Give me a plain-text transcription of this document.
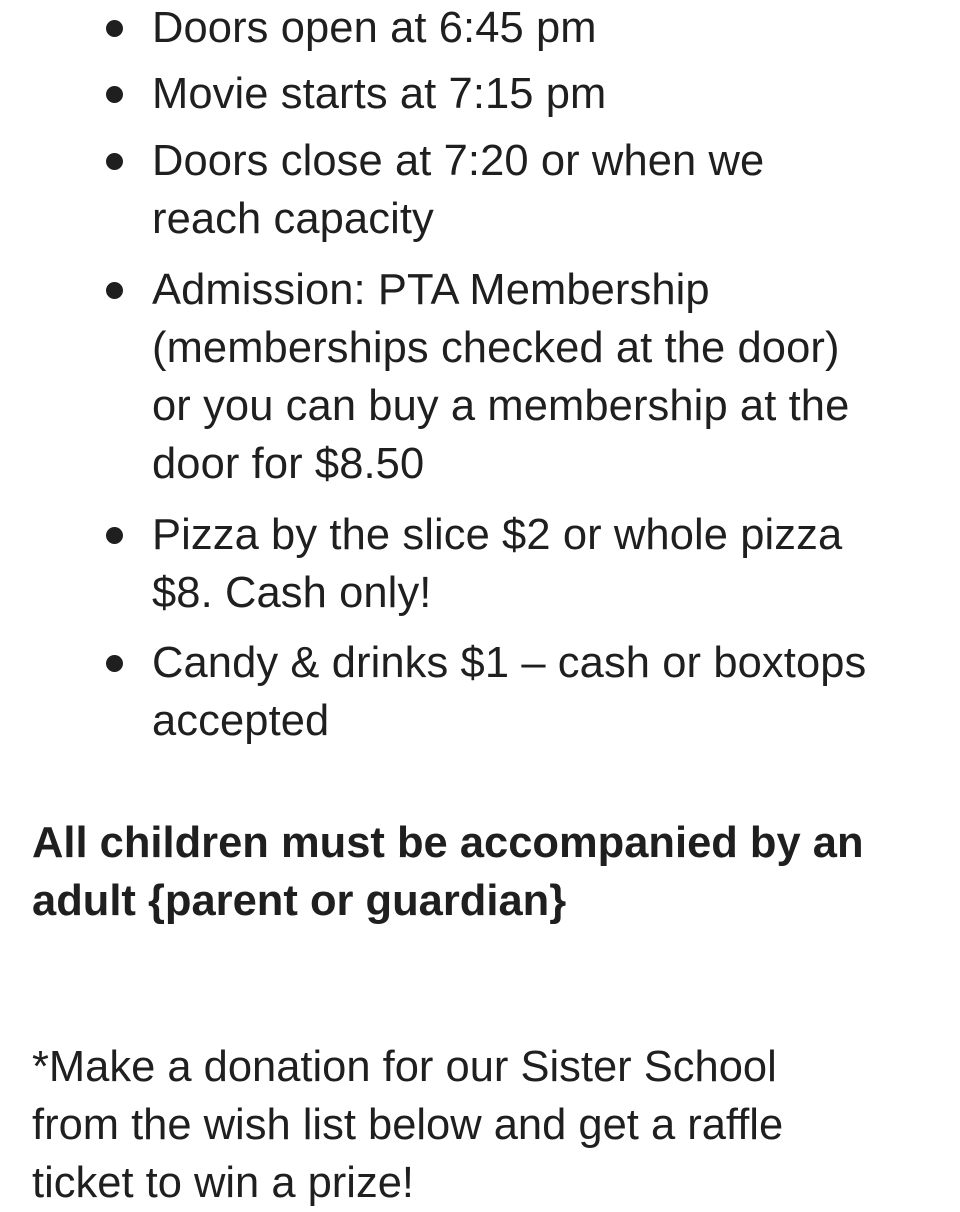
Doors open at 6:45 pm
Movie starts at 7:15 pm
Doors close at 7:20 or when we
reach capacity
Admission: PTA Membership
(memberships checked at the door)
or you can buy a membership at the
door for $8.50
Pizza by the slice $2 or whole pizza
$8. Cash only!
Candy & drinks $1 – cash or boxtops
accepted

All children must be accompanied by an
adult {parent or guardian}

*Make a donation for our Sister School
from the wish list below and get a raffle
ticket to win a prize!
